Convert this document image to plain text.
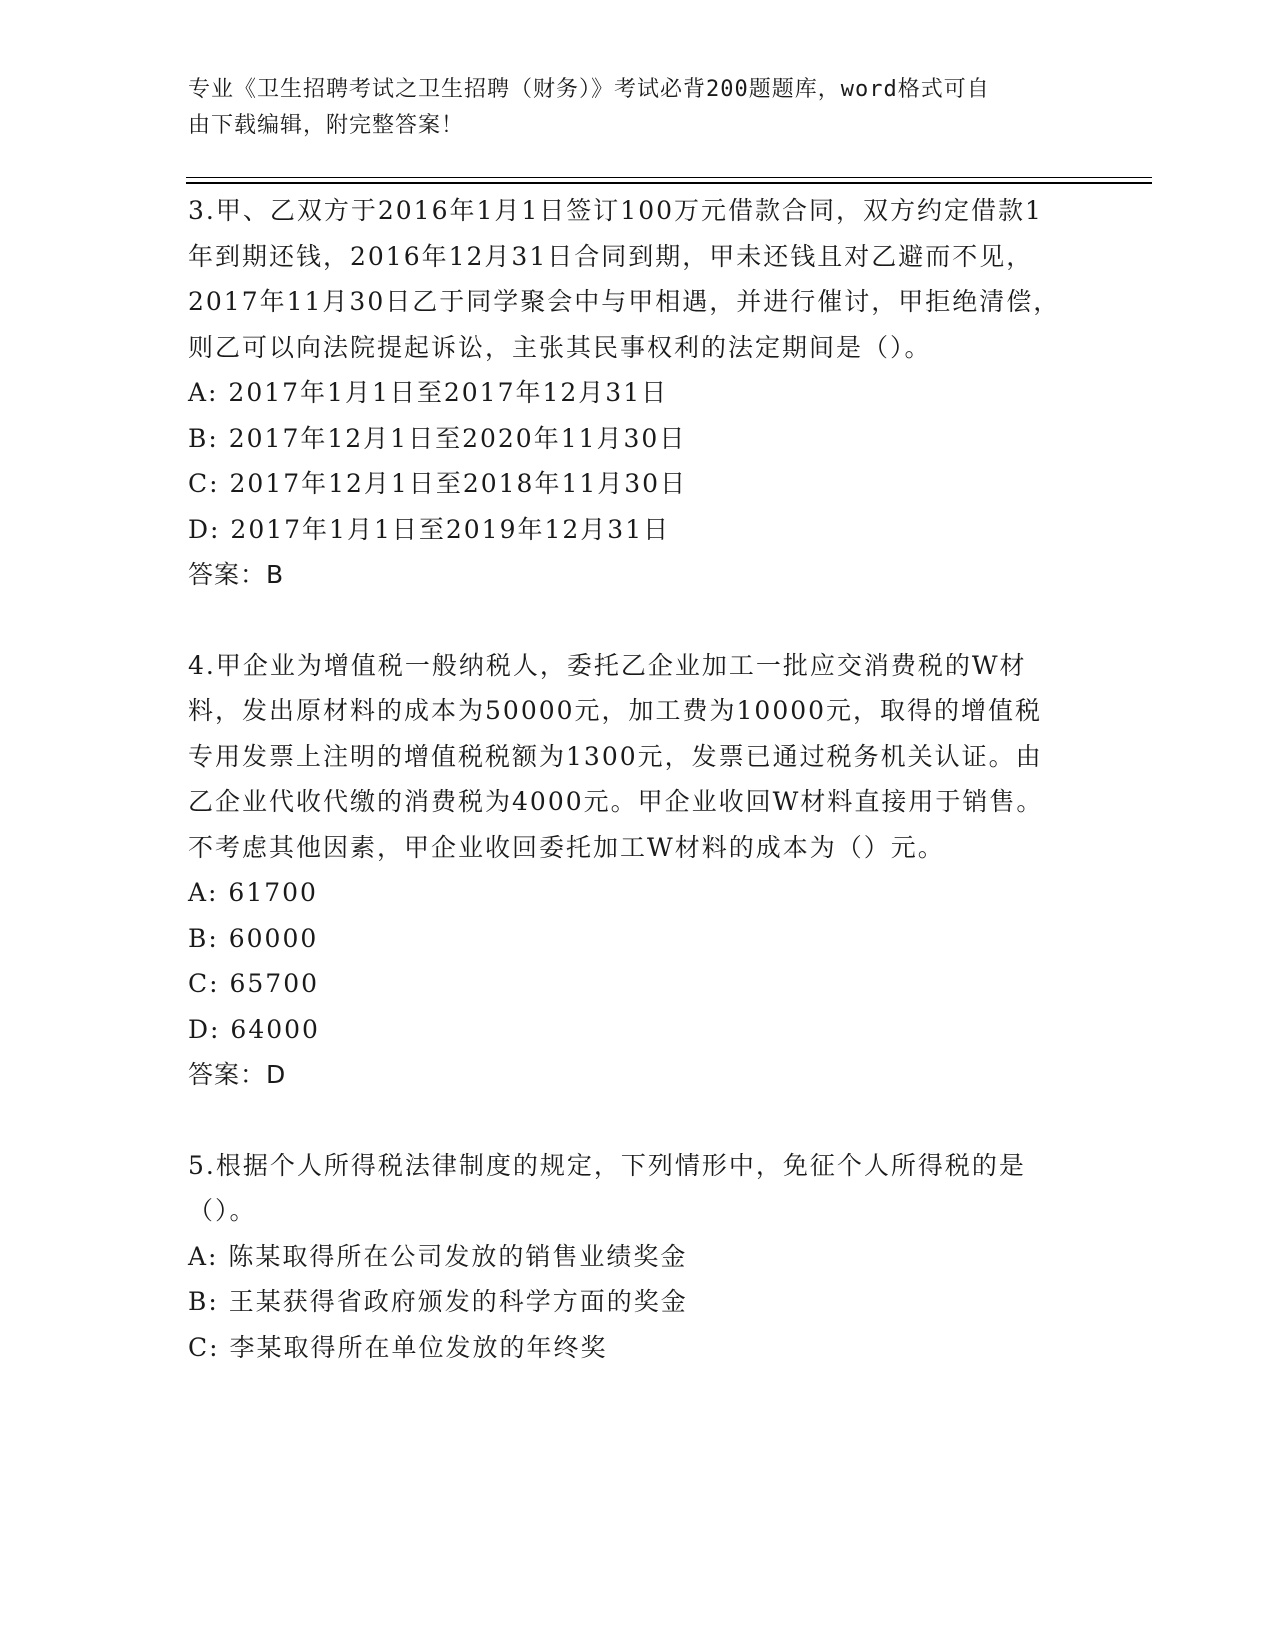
专业《卫生招聘考试之卫生招聘（财务）》考试必背200题题库，word格式可自
由下载编辑，附完整答案！

3.甲、乙双方于2016年1月1日签订100万元借款合同，双方约定借款1年到期还钱，2016年12月31日合同到期，甲未还钱且对乙避而不见，2017年11月30日乙于同学聚会中与甲相遇，并进行催讨，甲拒绝清偿，则乙可以向法院提起诉讼，主张其民事权利的法定期间是（）。

A: 2017年1月1日至2017年12月31日

B: 2017年12月1日至2020年11月30日

C: 2017年12月1日至2018年11月30日

D: 2017年1月1日至2019年12月31日

答案：B

4.甲企业为增值税一般纳税人，委托乙企业加工一批应交消费税的W材料，发出原材料的成本为50000元，加工费为10000元，取得的增值税专用发票上注明的增值税税额为1300元，发票已通过税务机关认证。由乙企业代收代缴的消费税为4000元。甲企业收回W材料直接用于销售。不考虑其他因素，甲企业收回委托加工W材料的成本为（）元。

A: 61700

B: 60000

C: 65700

D: 64000

答案：D

5.根据个人所得税法律制度的规定，下列情形中，免征个人所得税的是（）。

A: 陈某取得所在公司发放的销售业绩奖金

B: 王某获得省政府颁发的科学方面的奖金

C: 李某取得所在单位发放的年终奖
